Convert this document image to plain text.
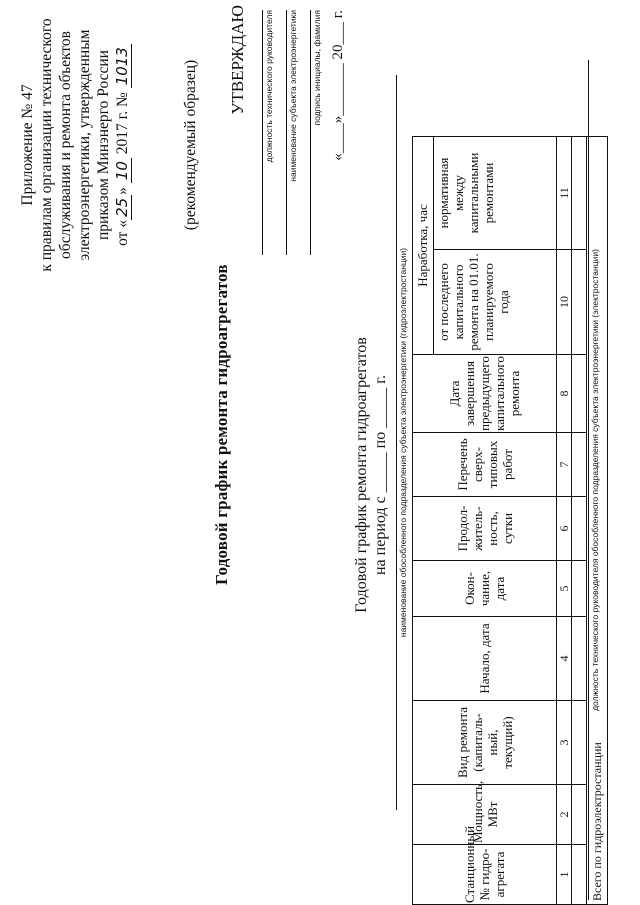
Приложение № 47 к правилам организации технического обслуживания и ремонта объектов электроэнергетики, утвержденным приказом Минэнерго России от «25» 10 2017 г. № 1013	(рекомендуемый образец)
Годовой график ремонта гидроагрегатов
УТВЕРЖДАЮ должность технического руководителя наименование субъекта электроэнергетики подпись инициалы, фамилия «____»_______ 20___ г.
Годовой график ремонта гидроагрегатов на период с _____ по _____ г. наименование обособленного подразделения субъекта электроэнергетики (гидроэлектростанции)
Станционный № гидро-агрегата	Мощность, МВт	Вид ремонта (капиталь-ный, текущий)	Начало, дата	Окон-чание, дата	Продол-житель-ность, сутки	Перечень сверх-типовых работ	Дата завершения предыдущего капитального ремонта	Наработка, час		
								от последнего капитального ремонта на 01.01. планируемого года	нормативная между капитальными ремонтами	
1	2	3	4	5	6	7	8	10	11	

Всего по гидроэлектростанции										
должность технического руководителя обособленного подразделения субъекта электроэнергетики (электростанции)
